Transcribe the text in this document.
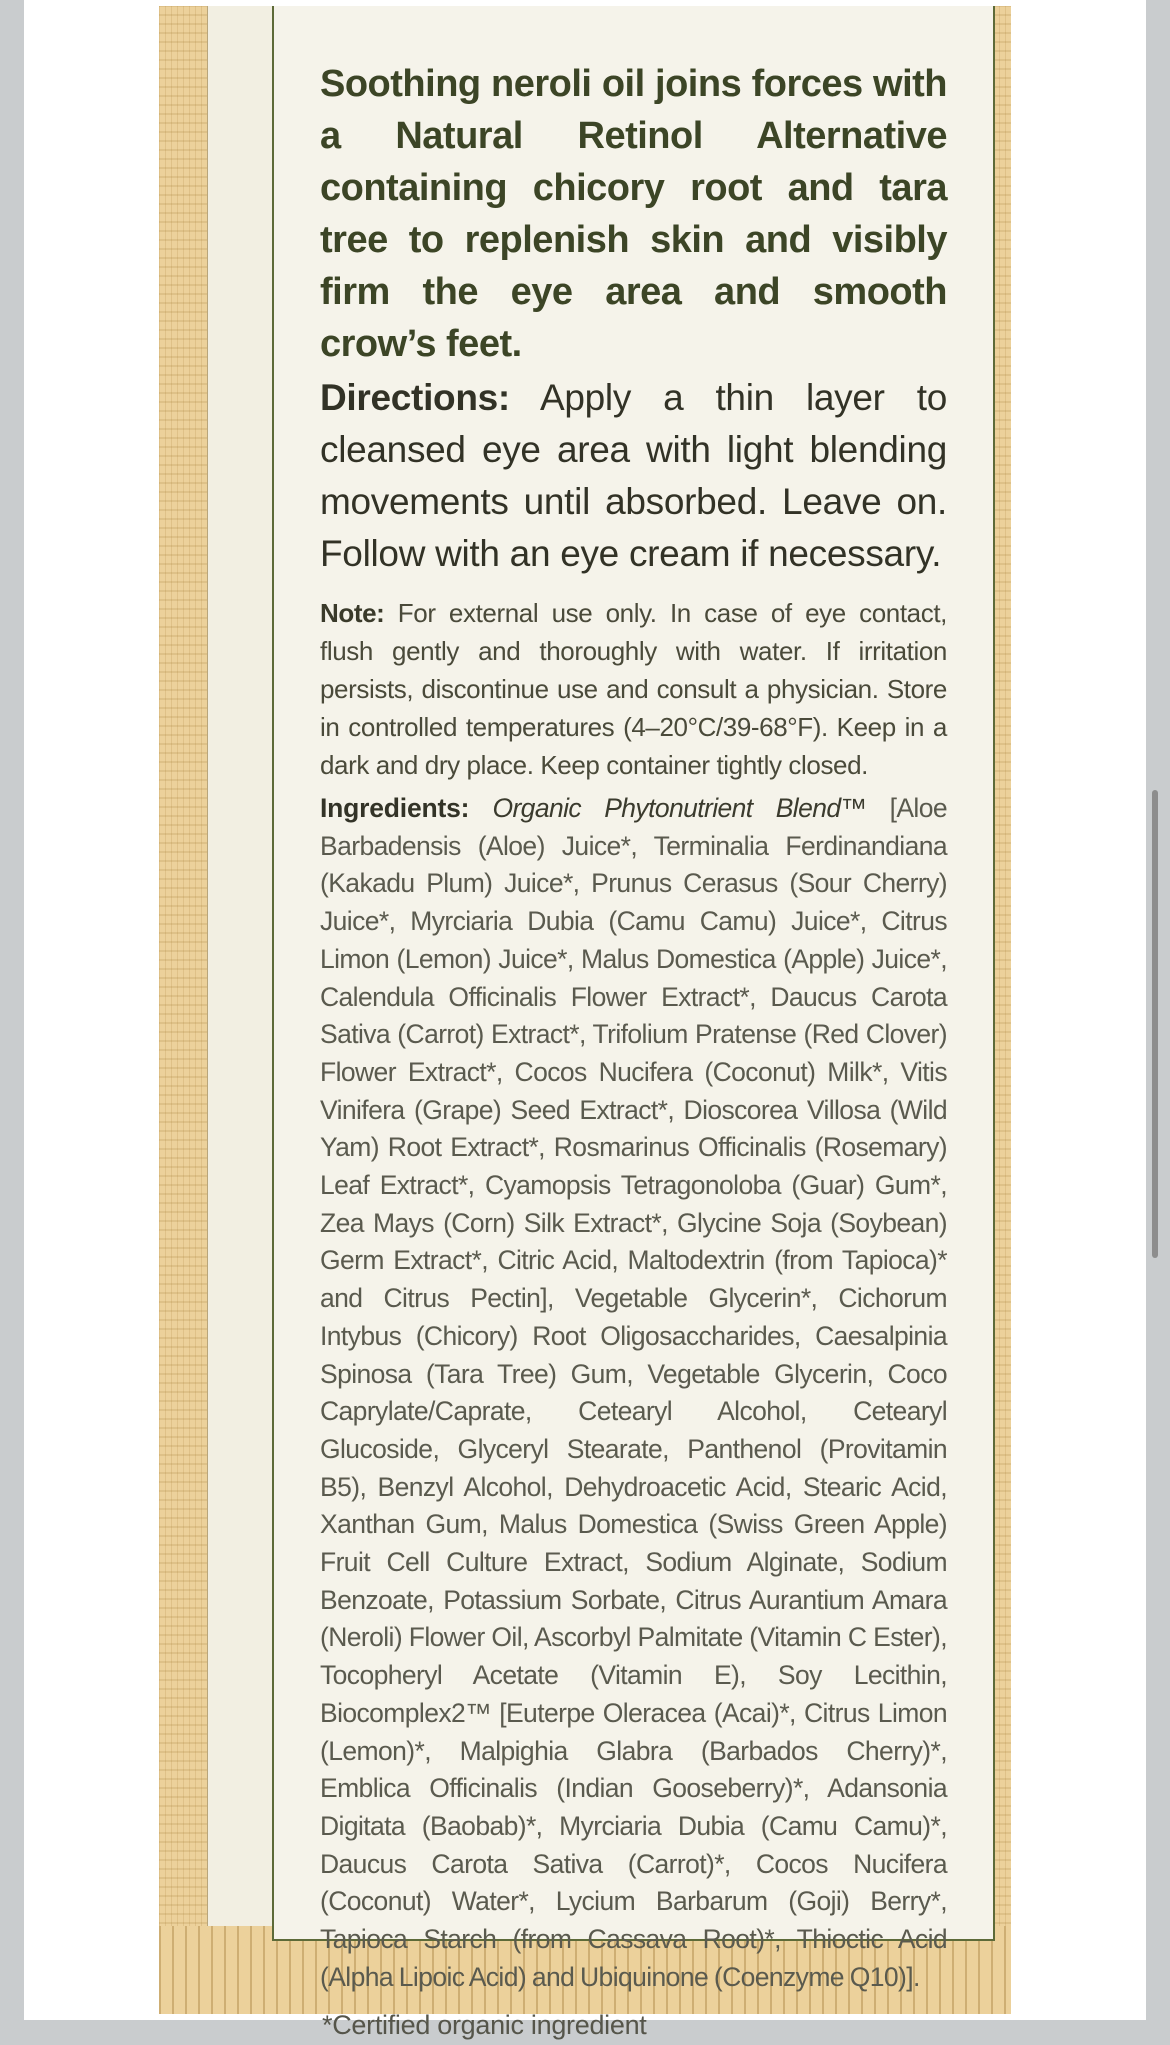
Soothing neroli oil joins forces with a Natural Retinol Alternative containing chicory root and tara tree to replenish skin and visibly firm the eye area and smooth crow’s feet.

Directions: Apply a thin layer to cleansed eye area with light blending movements until absorbed. Leave on. Follow with an eye cream if necessary.

Note: For external use only. In case of eye contact, flush gently and thoroughly with water. If irritation persists, discontinue use and consult a physician. Store in controlled temperatures (4–20°C/39-68°F). Keep in a dark and dry place. Keep container tightly closed.

Ingredients: Organic Phytonutrient Blend™ [Aloe Barbadensis (Aloe) Juice*, Terminalia Ferdinandiana (Kakadu Plum) Juice*, Prunus Cerasus (Sour Cherry) Juice*, Myrciaria Dubia (Camu Camu) Juice*, Citrus Limon (Lemon) Juice*, Malus Domestica (Apple) Juice*, Calendula Officinalis Flower Extract*, Daucus Carota Sativa (Carrot) Extract*, Trifolium Pratense (Red Clover) Flower Extract*, Cocos Nucifera (Coconut) Milk*, Vitis Vinifera (Grape) Seed Extract*, Dioscorea Villosa (Wild Yam) Root Extract*, Rosmarinus Officinalis (Rosemary) Leaf Extract*, Cyamopsis Tetragonoloba (Guar) Gum*, Zea Mays (Corn) Silk Extract*, Glycine Soja (Soybean) Germ Extract*, Citric Acid, Maltodextrin (from Tapioca)* and Citrus Pectin], Vegetable Glycerin*, Cichorum Intybus (Chicory) Root Oligosaccharides, Caesalpinia Spinosa (Tara Tree) Gum, Vegetable Glycerin, Coco Caprylate/Caprate, Cetearyl Alcohol, Cetearyl Glucoside, Glyceryl Stearate, Panthenol (Provitamin B5), Benzyl Alcohol, Dehydroacetic Acid, Stearic Acid, Xanthan Gum, Malus Domestica (Swiss Green Apple) Fruit Cell Culture Extract, Sodium Alginate, Sodium Benzoate, Potassium Sorbate, Citrus Aurantium Amara (Neroli) Flower Oil, Ascorbyl Palmitate (Vitamin C Ester), Tocopheryl Acetate (Vitamin E), Soy Lecithin, Biocomplex2™ [Euterpe Oleracea (Acai)*, Citrus Limon (Lemon)*, Malpighia Glabra (Barbados Cherry)*, Emblica Officinalis (Indian Gooseberry)*, Adansonia Digitata (Baobab)*, Myrciaria Dubia (Camu Camu)*, Daucus Carota Sativa (Carrot)*, Cocos Nucifera (Coconut) Water*, Lycium Barbarum (Goji) Berry*, Tapioca Starch (from Cassava Root)*, Thioctic Acid (Alpha Lipoic Acid) and Ubiquinone (Coenzyme Q10)].

*Certified organic ingredient
